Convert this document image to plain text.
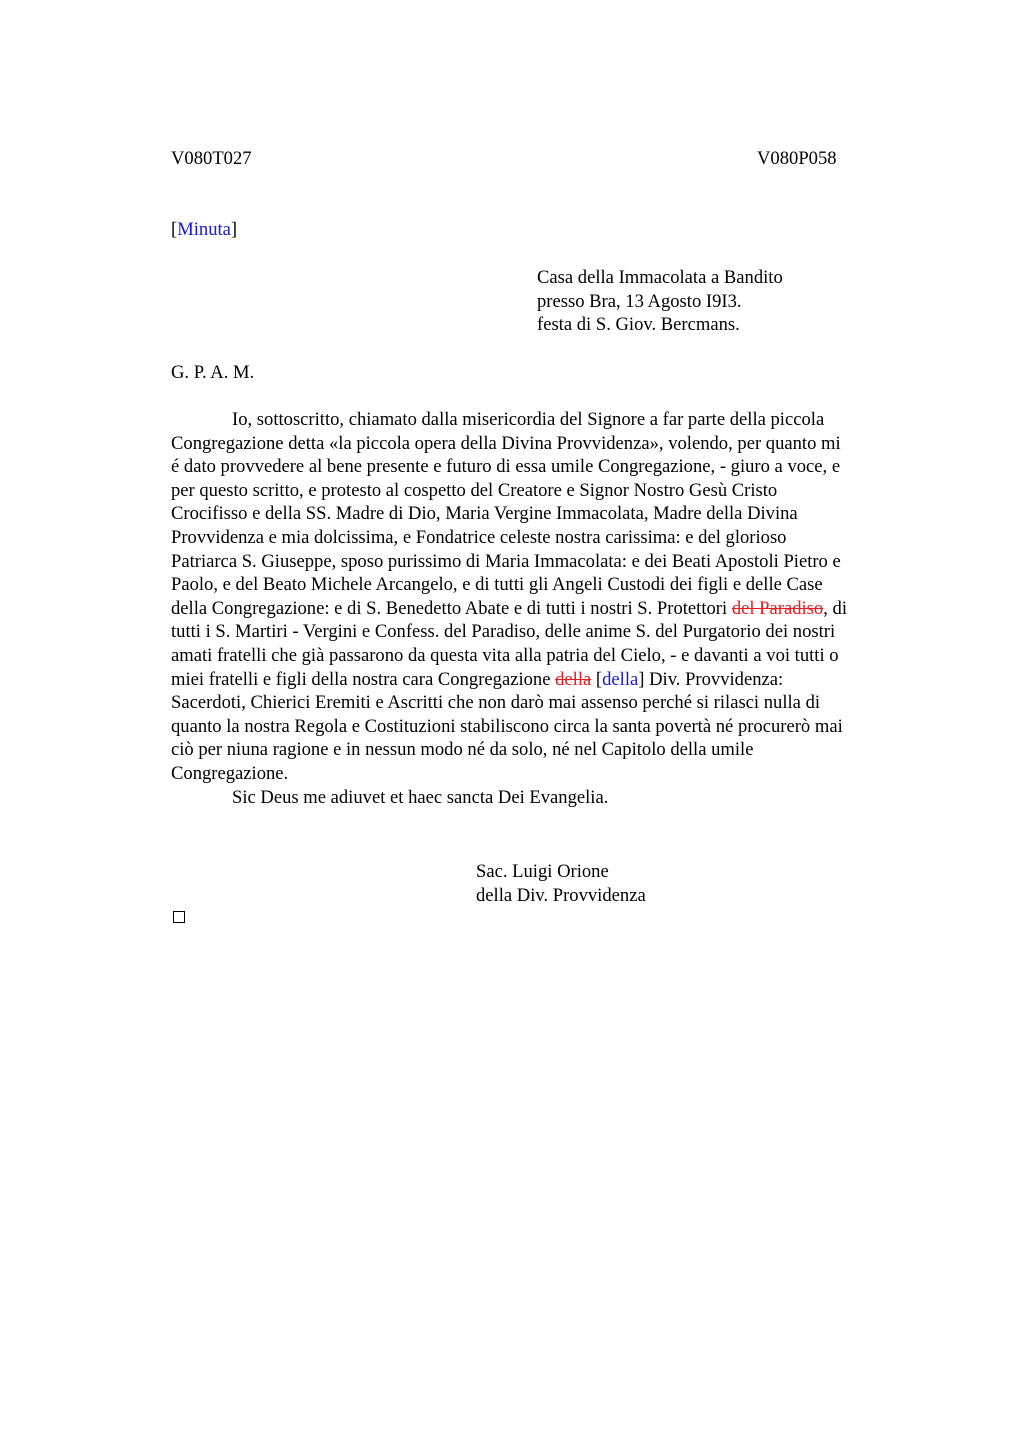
V080T027	V080P058
[Minuta]
Casa della Immacolata a Bandito
presso Bra, 13 Agosto I9I3.
festa di S. Giov. Bercmans.
G. P. A. M.
Io, sottoscritto, chiamato dalla misericordia del Signore a far parte della piccola
Congregazione detta «la piccola opera della Divina Provvidenza», volendo, per quanto mi
é dato provvedere al bene presente e futuro di essa umile Congregazione, - giuro a voce, e
per questo scritto, e protesto al cospetto del Creatore e Signor Nostro Gesù Cristo
Crocifisso e della SS. Madre di Dio, Maria Vergine Immacolata, Madre della Divina
Provvidenza e mia dolcissima, e Fondatrice celeste nostra carissima: e del glorioso
Patriarca S. Giuseppe, sposo purissimo di Maria Immacolata: e dei Beati Apostoli Pietro e
Paolo, e del Beato Michele Arcangelo, e di tutti gli Angeli Custodi dei figli e delle Case
della Congregazione: e di S. Benedetto Abate e di tutti i nostri S. Protettori del Paradiso, di
tutti i S. Martiri - Vergini e Confess. del Paradiso, delle anime S. del Purgatorio dei nostri
amati fratelli che già passarono da questa vita alla patria del Cielo, - e davanti a voi tutti o
miei fratelli e figli della nostra cara Congregazione della [della] Div. Provvidenza:
Sacerdoti, Chierici Eremiti e Ascritti che non darò mai assenso perché si rilasci nulla di
quanto la nostra Regola e Costituzioni stabiliscono circa la santa povertà né procurerò mai
ciò per niuna ragione e in nessun modo né da solo, né nel Capitolo della umile
Congregazione.
Sic Deus me adiuvet et haec sancta Dei Evangelia.
Sac. Luigi Orione
della Div. Provvidenza
